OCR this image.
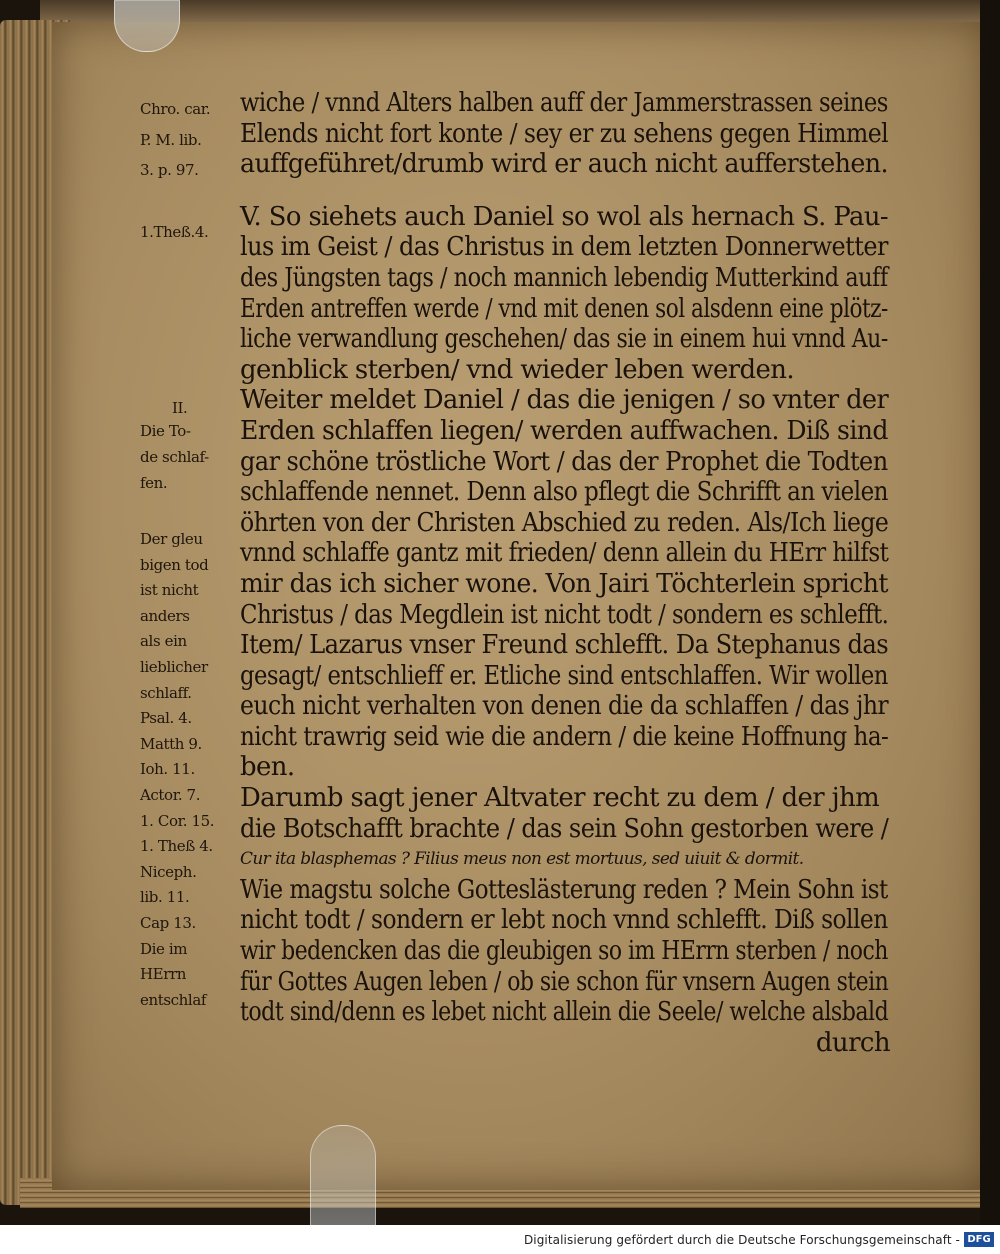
Chro. car.
P. M. lib.
3. p. 97.
1.Theß.4.
II.
Die To-
de schlaf-
fen.
Der gleu
bigen tod
ist nicht
anders
als ein
lieblicher
schlaff.
Psal. 4.
Matth 9.
Ioh. 11.
Actor. 7.
1. Cor. 15.
1. Theß 4.
Niceph.
lib. 11.
Cap 13.
Die im
HErrn
entschlaf
wiche / vnnd Alters halben auff der Jammerstrassen seines
Elends nicht fort konte / sey er zu sehens gegen Himmel
auffgeführet/drumb wird er auch nicht aufferstehen.
V. So siehets auch Daniel so wol als hernach S. Pau-
lus im Geist / das Christus in dem letzten Donnerwetter
des Jüngsten tags / noch mannich lebendig Mutterkind auff
Erden antreffen werde / vnd mit denen sol alsdenn eine plötz-
liche verwandlung geschehen/ das sie in einem hui vnnd Au-
genblick sterben/ vnd wieder leben werden.
Weiter meldet Daniel / das die jenigen / so vnter der
Erden schlaffen liegen/ werden auffwachen. Diß sind
gar schöne tröstliche Wort / das der Prophet die Todten
schlaffende nennet. Denn also pflegt die Schrifft an vielen
öhrten von der Christen Abschied zu reden. Als/Ich liege
vnnd schlaffe gantz mit frieden/ denn allein du HErr hilfst
mir das ich sicher wone. Von Jairi Töchterlein spricht
Christus / das Megdlein ist nicht todt / sondern es schlefft.
Item/ Lazarus vnser Freund schlefft. Da Stephanus das
gesagt/ entschlieff er. Etliche sind entschlaffen. Wir wollen
euch nicht verhalten von denen die da schlaffen / das jhr
nicht trawrig seid wie die andern / die keine Hoffnung ha-
ben.
Darumb sagt jener Altvater recht zu dem / der jhm
die Botschafft brachte / das sein Sohn gestorben were /
Cur ita blasphemas ? Filius meus non est mortuus, sed uiuit & dormit.
Wie magstu solche Gotteslästerung reden ? Mein Sohn ist
nicht todt / sondern er lebt noch vnnd schlefft. Diß sollen
wir bedencken das die gleubigen so im HErrn sterben / noch
für Gottes Augen leben / ob sie schon für vnsern Augen stein
todt sind/denn es lebet nicht allein die Seele/ welche alsbald
durch
Digitalisierung gefördert durch die Deutsche Forschungsgemeinschaft - DFG
